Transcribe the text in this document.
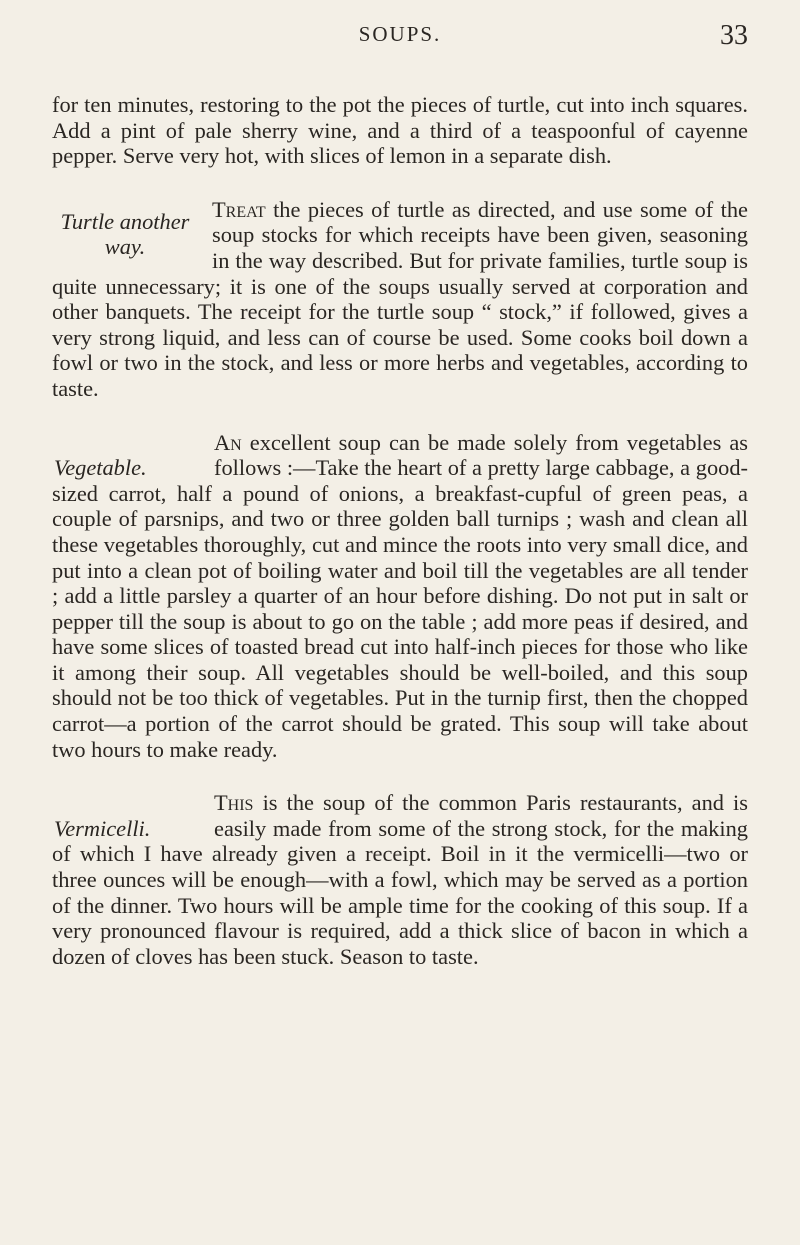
SOUPS.	33

for ten minutes, restoring to the pot the pieces of turtle, cut into inch squares. Add a pint of pale sherry wine, and a third of a teaspoonful of cayenne pepper. Serve very hot, with slices of lemon in a separate dish.

Turtle another way.

Treat the pieces of turtle as directed, and use some of the soup stocks for which receipts have been given, seasoning in the way described. But for private families, turtle soup is quite unnecessary; it is one of the soups usually served at corporation and other banquets. The receipt for the turtle soup “ stock,” if followed, gives a very strong liquid, and less can of course be used. Some cooks boil down a fowl or two in the stock, and less or more herbs and vegetables, according to taste.

Vegetable.

An excellent soup can be made solely from vegetables as follows :—Take the heart of a pretty large cabbage, a good-sized carrot, half a pound of onions, a breakfast-cupful of green peas, a couple of parsnips, and two or three golden ball turnips ; wash and clean all these vegetables thoroughly, cut and mince the roots into very small dice, and put into a clean pot of boiling water and boil till the vegetables are all tender ; add a little parsley a quarter of an hour before dishing. Do not put in salt or pepper till the soup is about to go on the table ; add more peas if desired, and have some slices of toasted bread cut into half-inch pieces for those who like it among their soup. All vegetables should be well-boiled, and this soup should not be too thick of vegetables. Put in the turnip first, then the chopped carrot—a portion of the carrot should be grated. This soup will take about two hours to make ready.

Vermicelli.

This is the soup of the common Paris restaurants, and is easily made from some of the strong stock, for the making of which I have already given a receipt. Boil in it the vermicelli—two or three ounces will be enough—with a fowl, which may be served as a portion of the dinner. Two hours will be ample time for the cooking of this soup. If a very pronounced flavour is required, add a thick slice of bacon in which a dozen of cloves has been stuck. Season to taste.
